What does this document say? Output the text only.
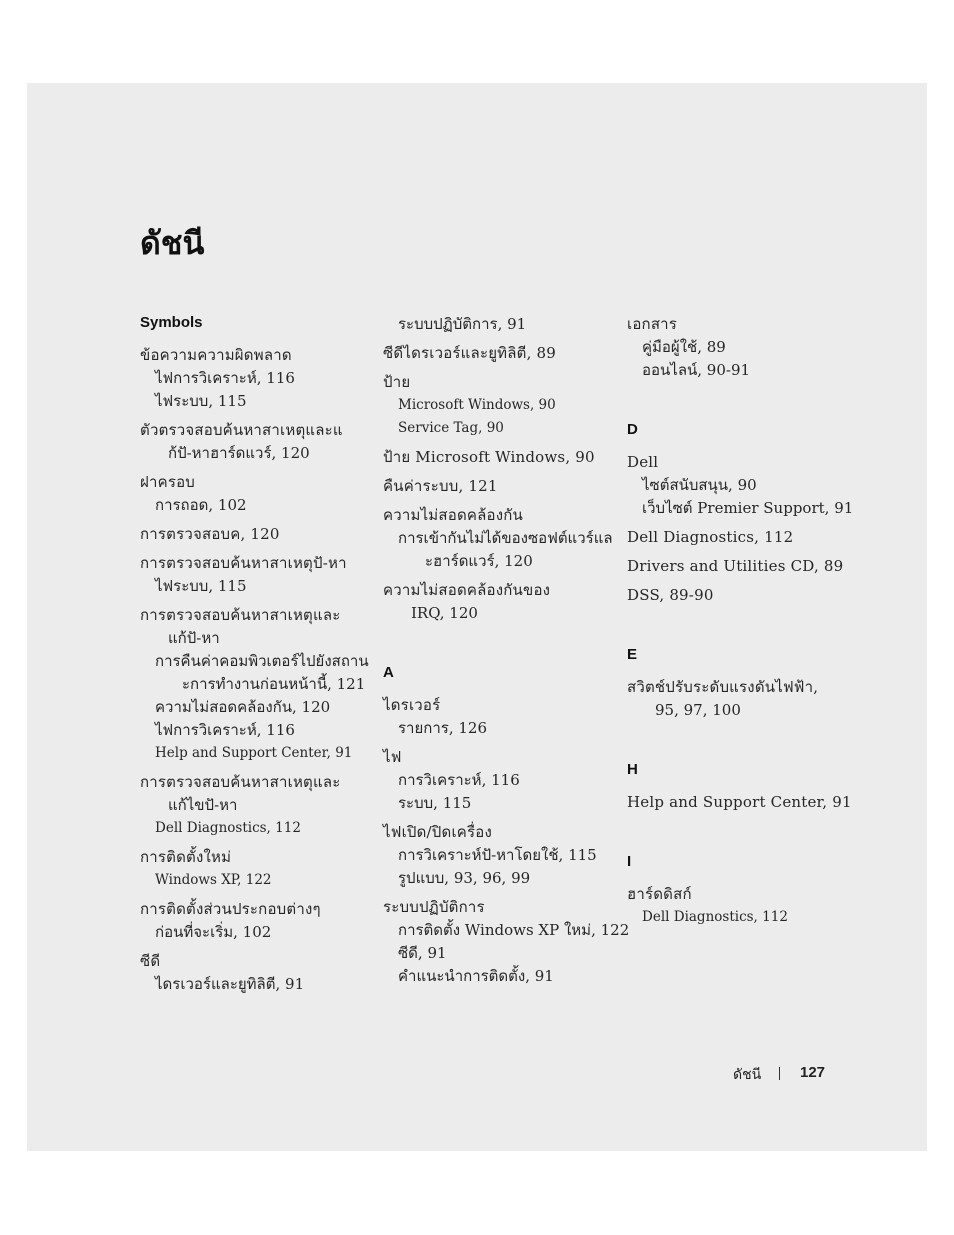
ดัชนี
Symbols
ข้อความความผิดพลาด
ไฟการวิเคราะห์, 116
ไฟระบบ, 115
ตัวตรวจสอบค้นหาสาเหตุและแ
ก้ปั-หาฮาร์ดแวร์, 120
ฝาครอบ
การถอด, 102
การตรวจสอบค, 120
การตรวจสอบค้นหาสาเหตุปั-หา
ไฟระบบ, 115
การตรวจสอบค้นหาสาเหตุและ
แก้ปั-หา
การคืนค่าคอมพิวเตอร์ไปยังสถาน
ะการทำงานก่อนหน้านี้, 121
ความไม่สอดคล้องกัน, 120
ไฟการวิเคราะห์, 116
Help and Support Center, 91
การตรวจสอบค้นหาสาเหตุและ
แก้ไขปั-หา
Dell Diagnostics, 112
การติดตั้งใหม่
Windows XP, 122
การติดตั้งส่วนประกอบต่างๆ
ก่อนที่จะเริ่ม, 102
ซีดี
ไดรเวอร์และยูทิลิตี, 91
ระบบปฏิบัติการ, 91
ซีดีไดรเวอร์และยูทิลิตี, 89
ป้าย
Microsoft Windows, 90
Service Tag, 90
ป้าย Microsoft Windows, 90
คืนค่าระบบ, 121
ความไม่สอดคล้องกัน
การเข้ากันไม่ได้ของซอฟต์แวร์แล
ะฮาร์ดแวร์, 120
ความไม่สอดคล้องกันของ
IRQ, 120
A
ไดรเวอร์
รายการ, 126
ไฟ
การวิเคราะห์, 116
ระบบ, 115
ไฟเปิด/ปิดเครื่อง
การวิเคราะห์ปั-หาโดยใช้, 115
รูปแบบ, 93, 96, 99
ระบบปฏิบัติการ
การติดตั้ง Windows XP ใหม่, 122
ซีดี, 91
คำแนะนำการติดตั้ง, 91
เอกสาร
คู่มือผู้ใช้, 89
ออนไลน์, 90-91
D
Dell
ไซต์สนับสนุน, 90
เว็บไซต์ Premier Support, 91
Dell Diagnostics, 112
Drivers and Utilities CD, 89
DSS, 89-90
E
สวิตช์ปรับระดับแรงดันไฟฟ้า,
95, 97, 100
H
Help and Support Center, 91
I
ฮาร์ดดิสก์
Dell Diagnostics, 112
ดัชนี	127
